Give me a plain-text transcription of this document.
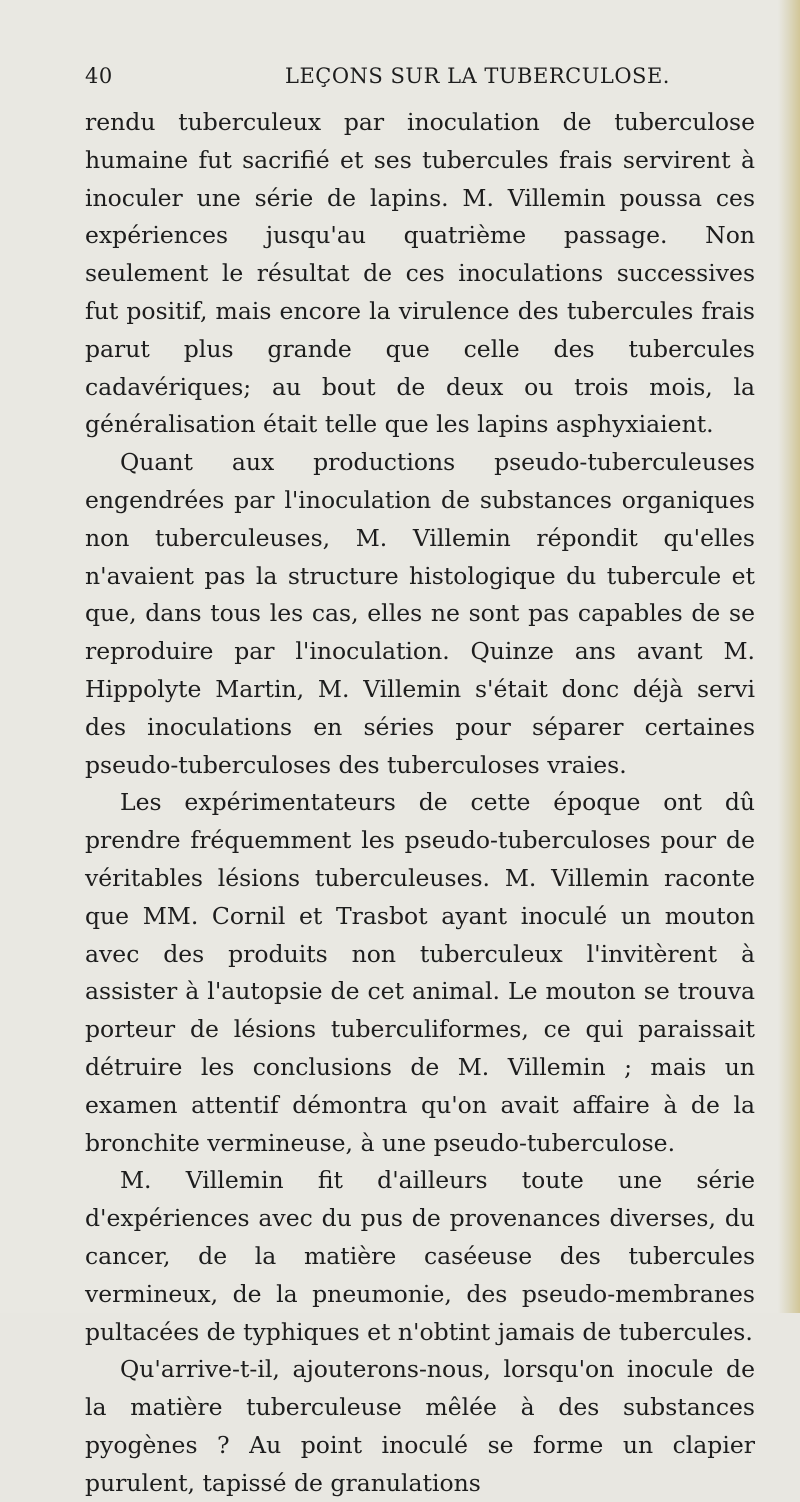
40	LEÇONS SUR LA TUBERCULOSE.

rendu tuberculeux par inoculation de tuberculose humaine fut sacrifié et ses tubercules frais servirent à inoculer une série de lapins. M. Villemin poussa ces expériences jusqu'au quatrième passage. Non seulement le résultat de ces inoculations successives fut positif, mais encore la virulence des tubercules frais parut plus grande que celle des tubercules cadavériques; au bout de deux ou trois mois, la généralisation était telle que les lapins asphyxiaient.

Quant aux productions pseudo-tuberculeuses engendrées par l'inoculation de substances organiques non tuberculeuses, M. Villemin répondit qu'elles n'avaient pas la structure histologique du tubercule et que, dans tous les cas, elles ne sont pas capables de se reproduire par l'inoculation. Quinze ans avant M. Hippolyte Martin, M. Villemin s'était donc déjà servi des inoculations en séries pour séparer certaines pseudo-tuberculoses des tuberculoses vraies.

Les expérimentateurs de cette époque ont dû prendre fréquemment les pseudo-tuberculoses pour de véritables lésions tuberculeuses. M. Villemin raconte que MM. Cornil et Trasbot ayant inoculé un mouton avec des produits non tuberculeux l'invitèrent à assister à l'autopsie de cet animal. Le mouton se trouva porteur de lésions tuberculiformes, ce qui paraissait détruire les conclusions de M. Villemin ; mais un examen attentif démontra qu'on avait affaire à de la bronchite vermineuse, à une pseudo-tuberculose.

M. Villemin fit d'ailleurs toute une série d'expériences avec du pus de provenances diverses, du cancer, de la matière caséeuse des tubercules vermineux, de la pneumonie, des pseudo-membranes pultacées de typhiques et n'obtint jamais de tubercules.

Qu'arrive-t-il, ajouterons-nous, lorsqu'on inocule de la matière tuberculeuse mêlée à des substances pyogènes ? Au point inoculé se forme un clapier purulent, tapissé de granulations
